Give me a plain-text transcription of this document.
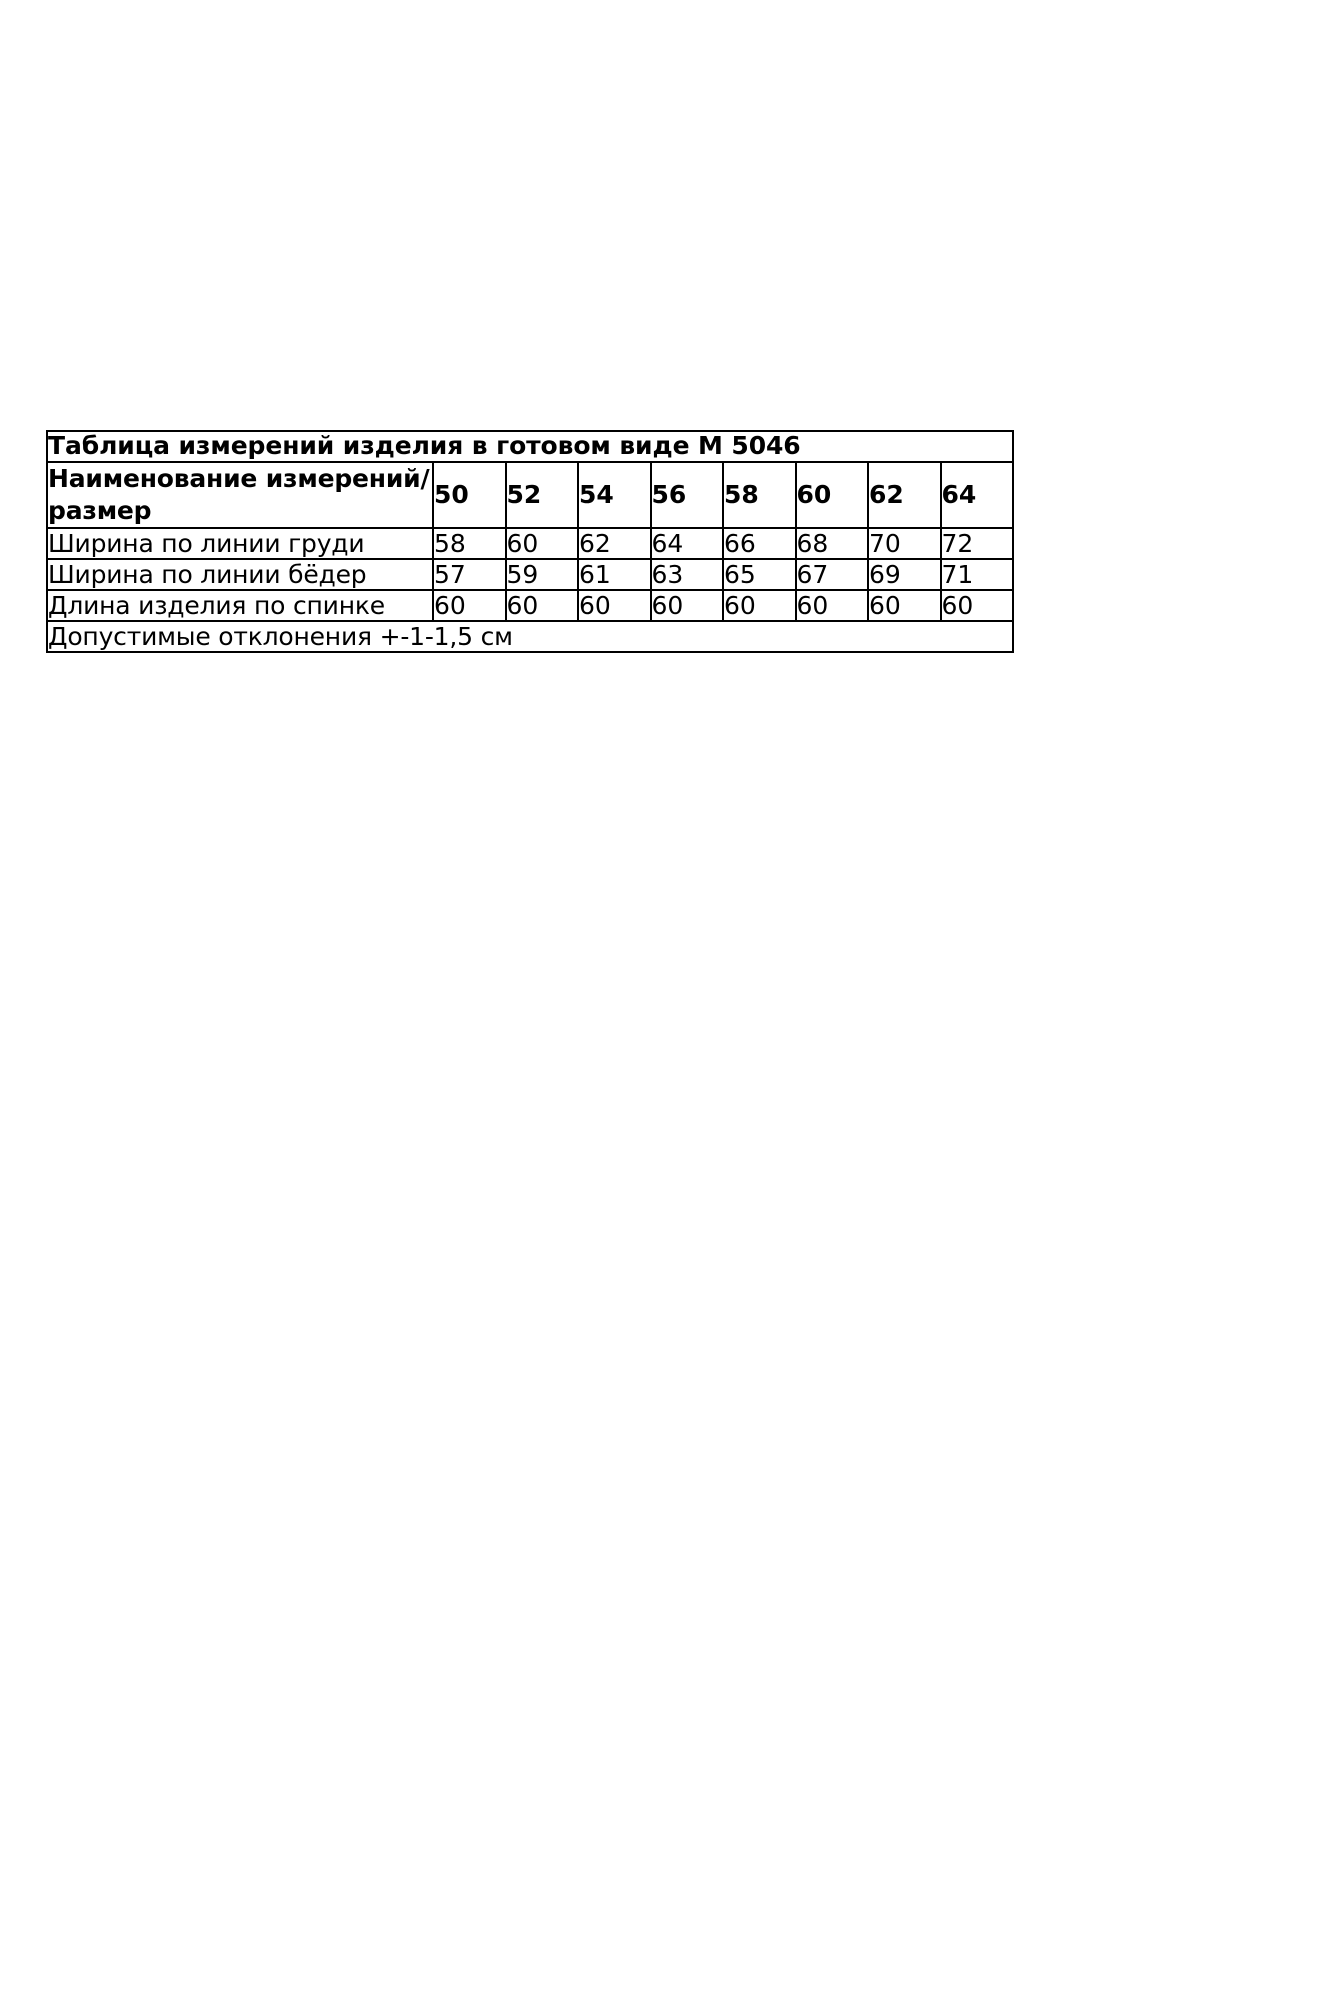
Таблица измерений изделия в готовом виде М 5046								
Наименование измерений/размер	50	52	54	56	58	60	62	64
Ширина по линии груди	58	60	62	64	66	68	70	72
Ширина по линии бёдер	57	59	61	63	65	67	69	71
Длина изделия по спинке	60	60	60	60	60	60	60	60
Допустимые отклонения +-1-1,5 см								
